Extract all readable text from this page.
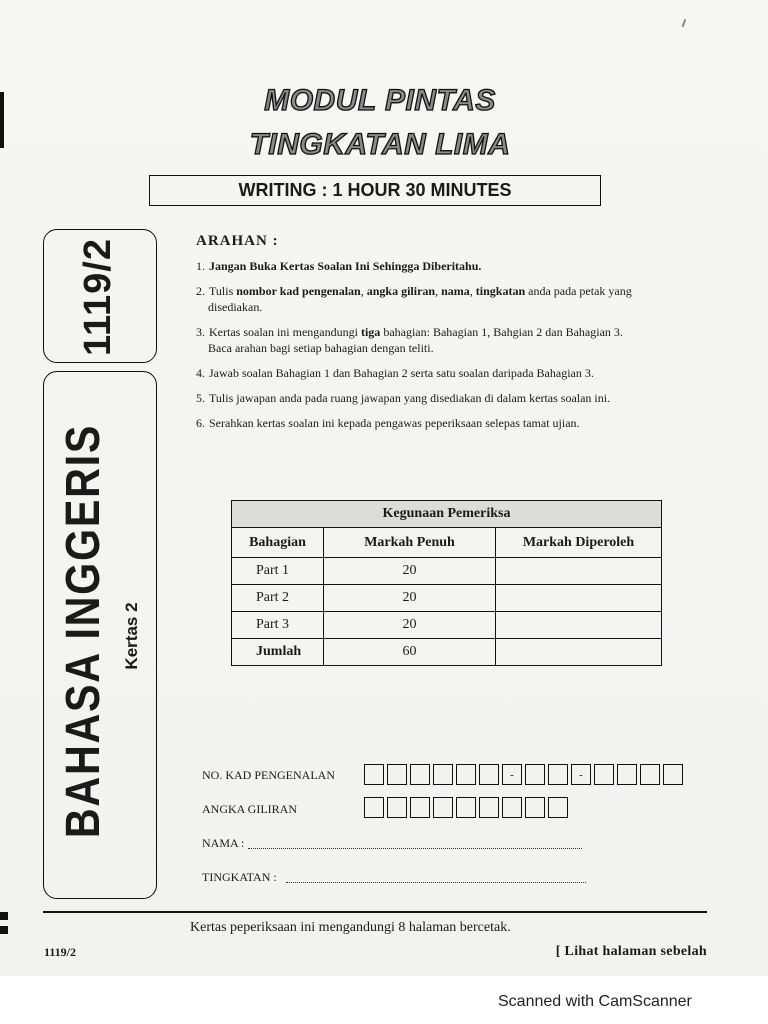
MODUL PINTAS
TINGKATAN LIMA
WRITING : 1 HOUR 30 MINUTES
1119/2
BAHASA INGGERIS Kertas 2
ARAHAN :
1. Jangan Buka Kertas Soalan Ini Sehingga Diberitahu.
2. Tulis nombor kad pengenalan, angka giliran, nama, tingkatan anda pada petak yang
disediakan.
3. Kertas soalan ini mengandungi tiga bahagian: Bahagian 1, Bahgian 2 dan Bahagian 3.
Baca arahan bagi setiap bahagian dengan teliti.
4. Jawab soalan Bahagian 1 dan Bahagian 2 serta satu soalan daripada Bahagian 3.
5. Tulis jawapan anda pada ruang jawapan yang disediakan di dalam kertas soalan ini.
6. Serahkan kertas soalan ini kepada pengawas peperiksaan selepas tamat ujian.
Kegunaan Pemeriksa		
Bahagian	Markah Penuh	Markah Diperoleh
Part 1	20	
Part 2	20	
Part 3	20	
Jumlah	60	
NO. KAD PENGENALAN	-	-
ANGKA GILIRAN
NAMA :
TINGKATAN :
Kertas peperiksaan ini mengandungi 8 halaman bercetak.
1119/2	[ Lihat halaman sebelah
Scanned with CamScanner
